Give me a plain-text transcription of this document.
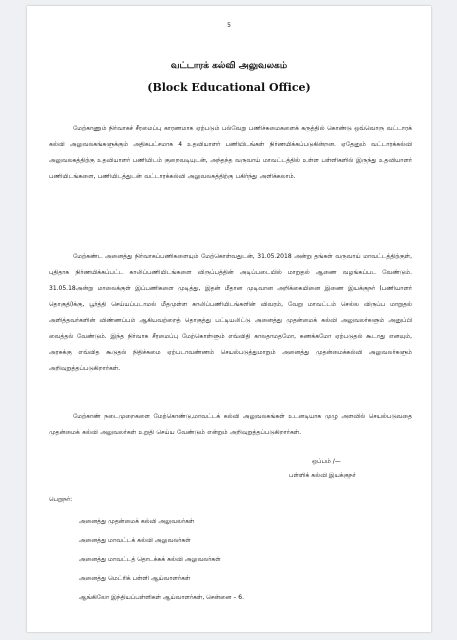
5
வட்டாரக் கல்வி அலுவலகம்
(Block Educational Office)

மேற்காணும் நிர்வாகச் சீரமைப்பு காரணமாக ஏற்படும் பல்வேறு பணிச்சுமைகளைக் கருத்தில் கொண்டு ஒவ்வொரு வட்டாரக் கல்வி அலுவலகங்களுக்கும் அதிகபட்சமாக 4 உதவியாளர் பணியிடங்கள் நிர்ணயிக்கப்படுகின்றன. ஏதேனும் வட்டாரக்கல்வி அலுவலகத்திற்கு உதவியாளர் பணியிடம் குறைவடியுடன், அந்தந்த வருவாய் மாவட்டத்தில் உள்ள பள்ளிகளில் இருந்து உதவியாளர் பணியிடங்களை, பணியிடத்துடன் வட்டாரக்கல்வி அலுவலகத்திற்கு பகிர்ந்து அளிக்கலாம்.

மேற்கண்ட அனைத்து நிர்வாகப்பணிகளையும் மேற்கொள்வதுடன், 31.05.2018 அன்று தங்கள் வருவாய் மாவட்டத்திற்குள், புதிதாக நிர்ணயிக்கப்பட்ட காலிப்பணியிடங்களை விருப்பத்தின் அடிப்படையில் மாறுதல் ஆணை வழங்கப்பட வேண்டும். 31.05.18அன்று மாலைக்குள் இப்பணிகளை முடித்து, இதன் மீதான முடிவான அறிக்கையினை இணை இயக்குநர் (பணியாளர் தொகுதி)க்கு, பூர்த்தி செய்யப்படாமல் மீதமுள்ள காலிப்பணியிடங்களின் விவரம், வேறு மாவட்டம் செல்ல விருப்ப மாறுதல் அளித்தவர்களின் விண்ணப்பம் ஆகியவற்றைத் தொகுத்து பட்டியலிட்டு அனைத்து முதன்மைக் கல்வி அலுவலர்களும் அனுப்பி வைத்தல் வேண்டும். இந்த நிர்வாக சீரமைப்பு மேற்கொள்ளும் எவ்விதி காலதாமதமோ, சுணக்கமோ ஏற்படுதல் கூடாது எனவும், அரசுக்கு எவ்வித கூடுதல் நிதிச்சுமை ஏற்படாவண்ணம் செயல்படுத்துமாறும் அனைத்து முதன்மைக்கல்வி அலுவலர்களும் அறிவுறுத்தப்படுகிறார்கள்.

மேற்காண் நடைமுறைகளை மேற்கொண்டு,மாவட்டக் கல்வி அலுவலகங்கள் உடனடியாக முழு அளவில் செயல்படுவதை முதன்மைக் கல்வி அலுவலர்கள் உறுதி செய்ய வேண்டும் என்றும் அறிவுறுத்தப்படுகிறார்கள்.

ஒப்பம் /—
பள்ளிக் கல்வி இயக்குநர்
பெறுநர்:
அனைத்து முதன்மைக் கல்வி அலுவலர்கள்
அனைத்து மாவட்டக் கல்வி அலுவலர்கள்
அனைத்து மாவட்டத் தொடக்கக் கல்வி அலுவலர்கள்
அனைத்து மெட்ரிக் பள்ளி ஆய்வாளர்கள்
ஆங்கிலோ இந்தியப்பள்ளிகள் ஆய்வாளர்கள், சென்னை – 6.
